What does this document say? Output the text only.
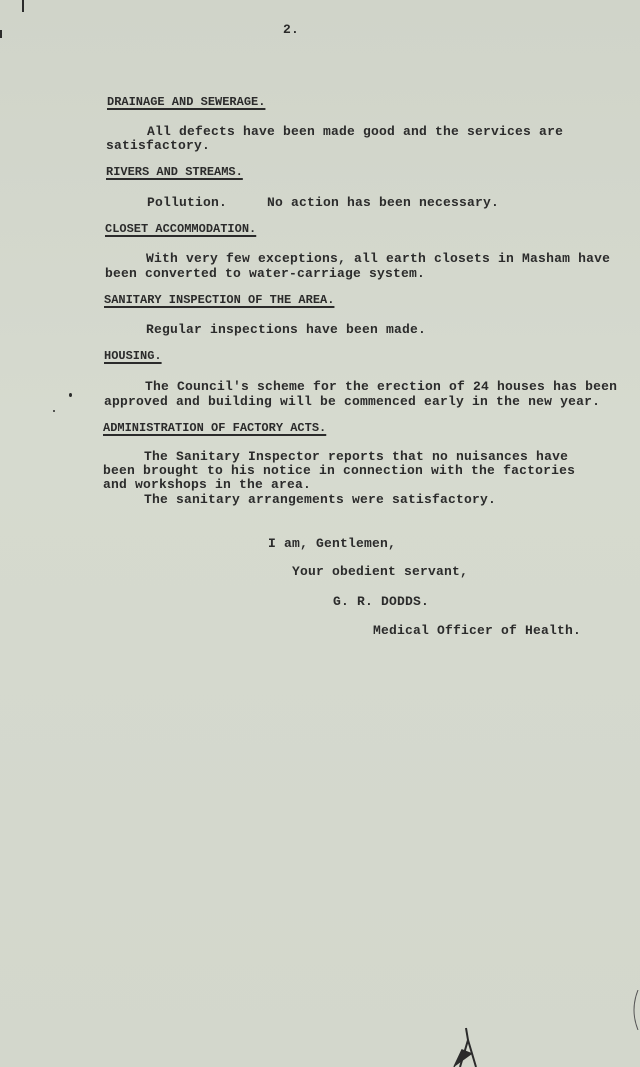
2.
DRAINAGE AND SEWERAGE.
All defects have been made good and the services are
satisfactory.
RIVERS AND STREAMS.
Pollution.     No action has been necessary.
CLOSET ACCOMMODATION.
With very few exceptions, all earth closets in Masham have
been converted to water-carriage system.
SANITARY INSPECTION OF THE AREA.
Regular inspections have been made.
HOUSING.
The Council's scheme for the erection of 24 houses has been
approved and building will be commenced early in the new year.
ADMINISTRATION OF FACTORY ACTS.
The Sanitary Inspector reports that no nuisances have
been brought to his notice in connection with the factories
and workshops in the area.
The sanitary arrangements were satisfactory.
I am, Gentlemen,
Your obedient servant,
G. R. DODDS.
Medical Officer of Health.
